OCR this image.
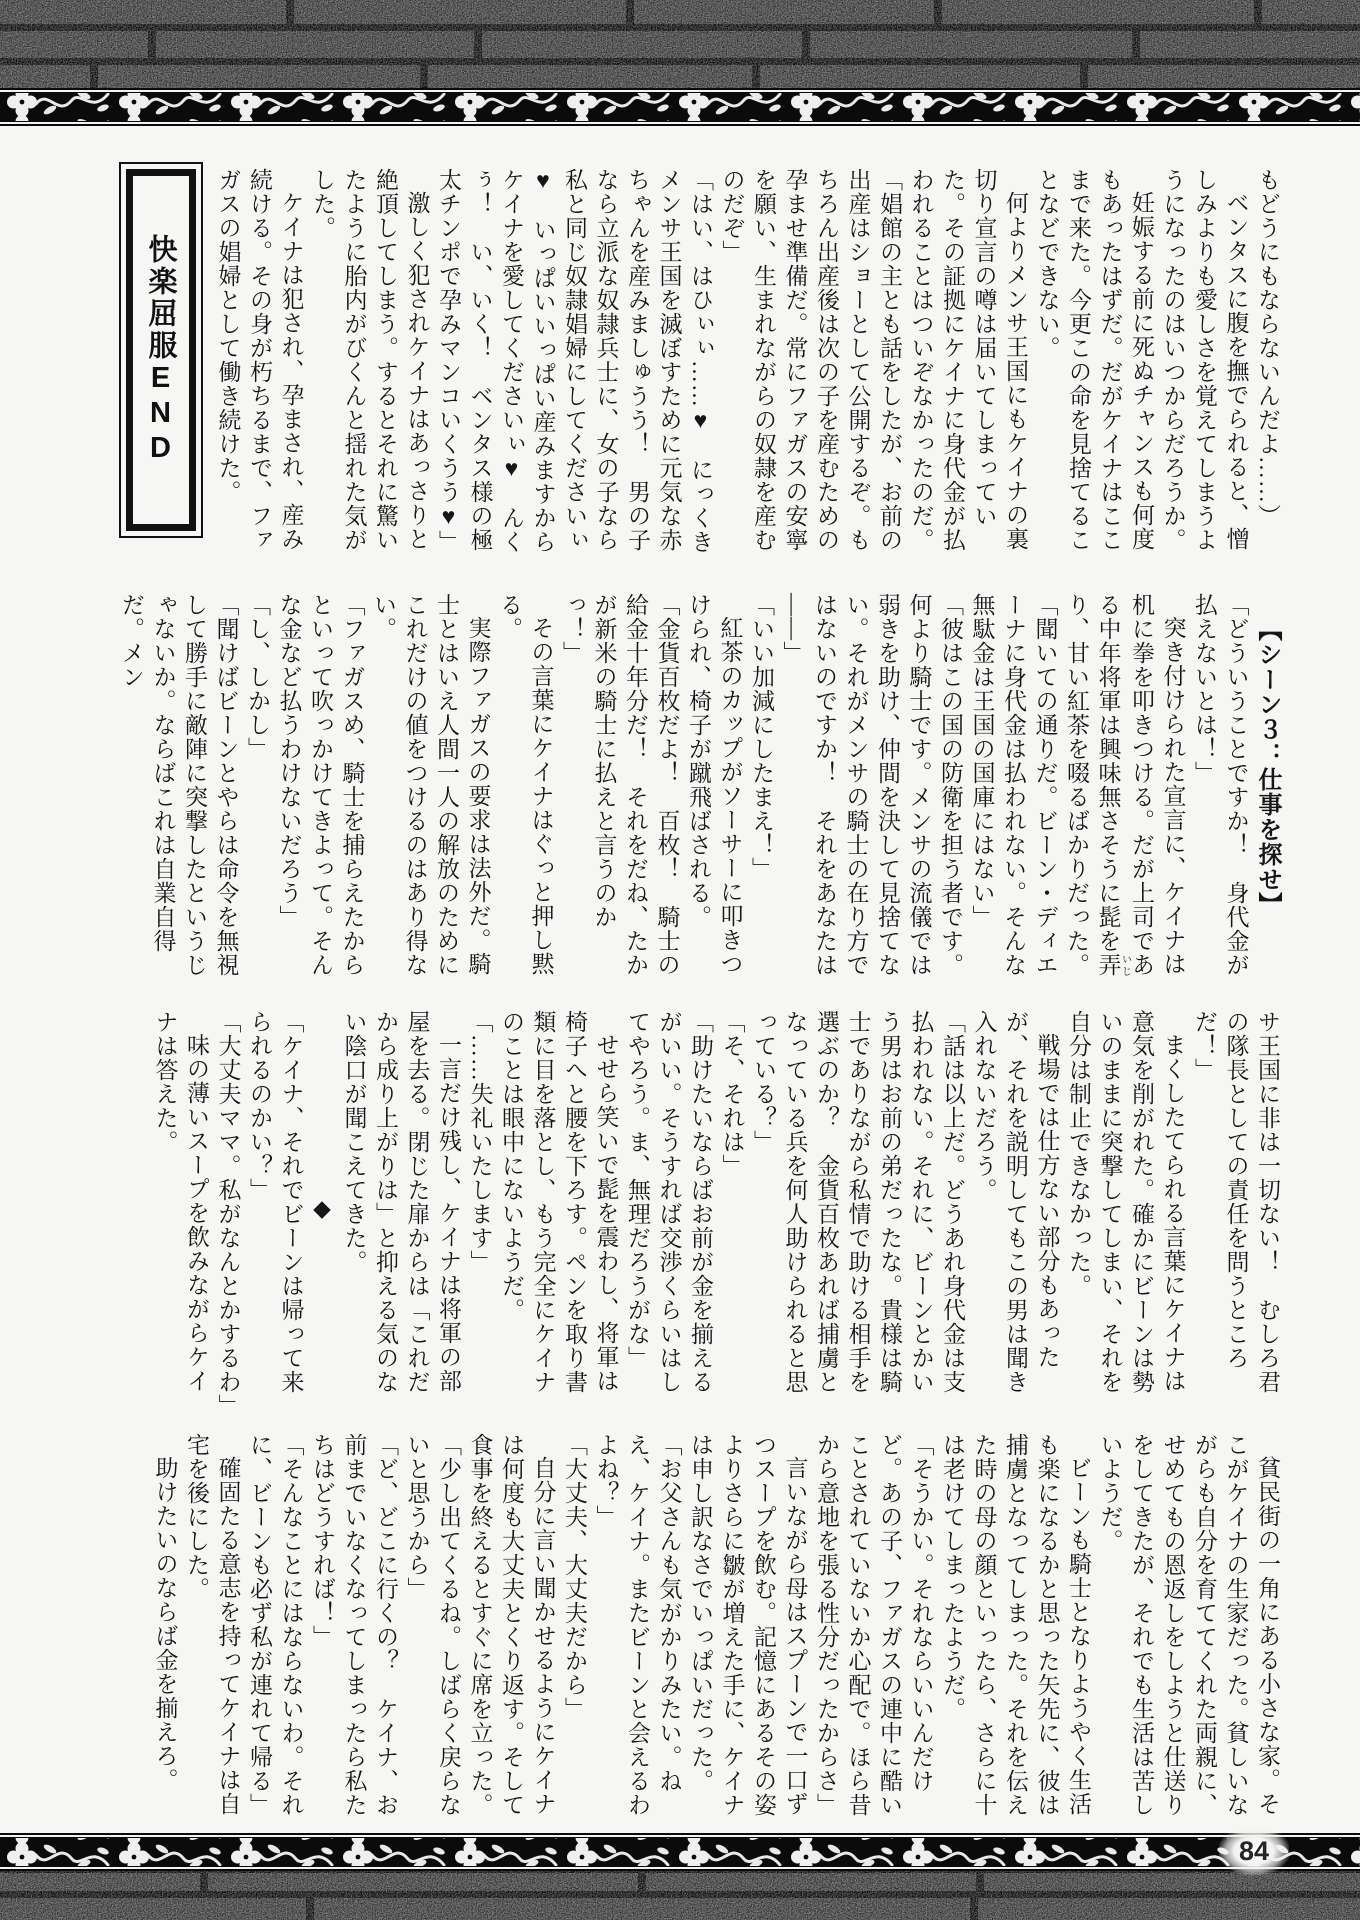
快楽屈服END	もどうにもならないんだよ……）

ベンタスに腹を撫でられると、憎しみよりも愛しさを覚えてしまうようになったのはいつからだろうか。

妊娠する前に死ぬチャンスも何度もあったはずだ。だがケイナはここまで来た。今更この命を見捨てることなどできない。

何よりメンサ王国にもケイナの裏切り宣言の噂は届いてしまっていた。その証拠にケイナに身代金が払われることはついぞなかったのだ。

「娼館の主とも話をしたが、お前の出産はショーとして公開するぞ。もちろん出産後は次の子を産むための孕ませ準備だ。常にファガスの安寧を願い、生まれながらの奴隷を産むのだぞ」

「はい、はひぃぃ……♥　にっくきメンサ王国を滅ぼすために元気な赤ちゃんを産みましゅうう！　男の子なら立派な奴隷兵士に、女の子なら私と同じ奴隷娼婦にしてくださいぃ♥　いっぱいいっぱい産みますからケイナを愛してくださいぃ♥　んくぅ！　い、いく！　ベンタス様の極太チンポで孕みマンコいくうう♥」

激しく犯されケイナはあっさりと絶頂してしまう。するとそれに驚いたように胎内がびくんと揺れた気がした。

ケイナは犯され、孕まされ、産み続ける。その身が朽ちるまで、ファガスの娼婦として働き続けた。

【シーン３：仕事を探せ】

「どういうことですか！　身代金が払えないとは！」

突き付けられた宣言に、ケイナは机に拳を叩きつける。だが上司である中年将軍は興味無さそうに髭を弄 いじり、甘い紅茶を啜るばかりだった。

「聞いての通りだ。ビーン・ディエーナに身代金は払われない。そんな無駄金は王国の国庫にはない」

「彼はこの国の防衛を担う者です。何より騎士です。メンサの流儀では弱きを助け、仲間を決して見捨てない。それがメンサの騎士の在り方ではないのですか！　それをあなたは――」

「いい加減にしたまえ！」

紅茶のカップがソーサーに叩きつけられ、椅子が蹴飛ばされる。

「金貨百枚だよ！　百枚！　騎士の給金十年分だ！　それをだね、たかが新米の騎士に払えと言うのかっ！」

その言葉にケイナはぐっと押し黙る。

実際ファガスの要求は法外だ。騎士とはいえ人間一人の解放のためにこれだけの値をつけるのはあり得ない。

「ファガスめ、騎士を捕らえたからといって吹っかけてきよって。そんな金など払うわけないだろう」

「し、しかし」

「聞けばビーンとやらは命令を無視して勝手に敵陣に突撃したというじゃないか。ならばこれは自業自得だ。メン

サ王国に非は一切ない！　むしろ君の隊長としての責任を問うところだ！」

まくしたてられる言葉にケイナは意気を削がれた。確かにビーンは勢いのままに突撃してしまい、それを自分は制止できなかった。

戦場では仕方ない部分もあったが、それを説明してもこの男は聞き入れないだろう。

「話は以上だ。どうあれ身代金は支払われない。それに、ビーンとかいう男はお前の弟だったな。貴様は騎士でありながら私情で助ける相手を選ぶのか？　金貨百枚あれば捕虜となっている兵を何人助けられると思っている？」

「そ、それは」

「助けたいならばお前が金を揃えるがいい。そうすれば交渉くらいはしてやろう。ま、無理だろうがな」

せせら笑いで髭を震わし、将軍は椅子へと腰を下ろす。ペンを取り書類に目を落とし、もう完全にケイナのことは眼中にないようだ。

「……失礼いたします」

一言だけ残し、ケイナは将軍の部屋を去る。閉じた扉からは「これだから成り上がりは」と抑える気のない陰口が聞こえてきた。

◆

「ケイナ、それでビーンは帰って来られるのかい？」

「大丈夫ママ。私がなんとかするわ」

味の薄いスープを飲みながらケイナは答えた。

貧民街の一角にある小さな家。そこがケイナの生家だった。貧しいながらも自分を育ててくれた両親に、せめてもの恩返しをしようと仕送りをしてきたが、それでも生活は苦しいようだ。

ビーンも騎士となりようやく生活も楽になるかと思った矢先に、彼は捕虜となってしまった。それを伝えた時の母の顔といったら、さらに十は老けてしまったようだ。

「そうかい。それならいいんだけど。あの子、ファガスの連中に酷いことされていないか心配で。ほら昔から意地を張る性分だったからさ」

言いながら母はスプーンで一口ずつスープを飲む。記憶にあるその姿よりさらに皺が増えた手に、ケイナは申し訳なさでいっぱいだった。

「お父さんも気がかりみたい。ねえ、ケイナ。またビーンと会えるわよね？」

「大丈夫、大丈夫だから」

自分に言い聞かせるようにケイナは何度も大丈夫とくり返す。そして食事を終えるとすぐに席を立った。

「少し出てくるね。しばらく戻らないと思うから」

「ど、どこに行くの？　ケイナ、お前までいなくなってしまったら私たちはどうすれば！」

「そんなことにはならないわ。それに、ビーンも必ず私が連れて帰る」

確固たる意志を持ってケイナは自宅を後にした。

助けたいのならば金を揃えろ。

84
